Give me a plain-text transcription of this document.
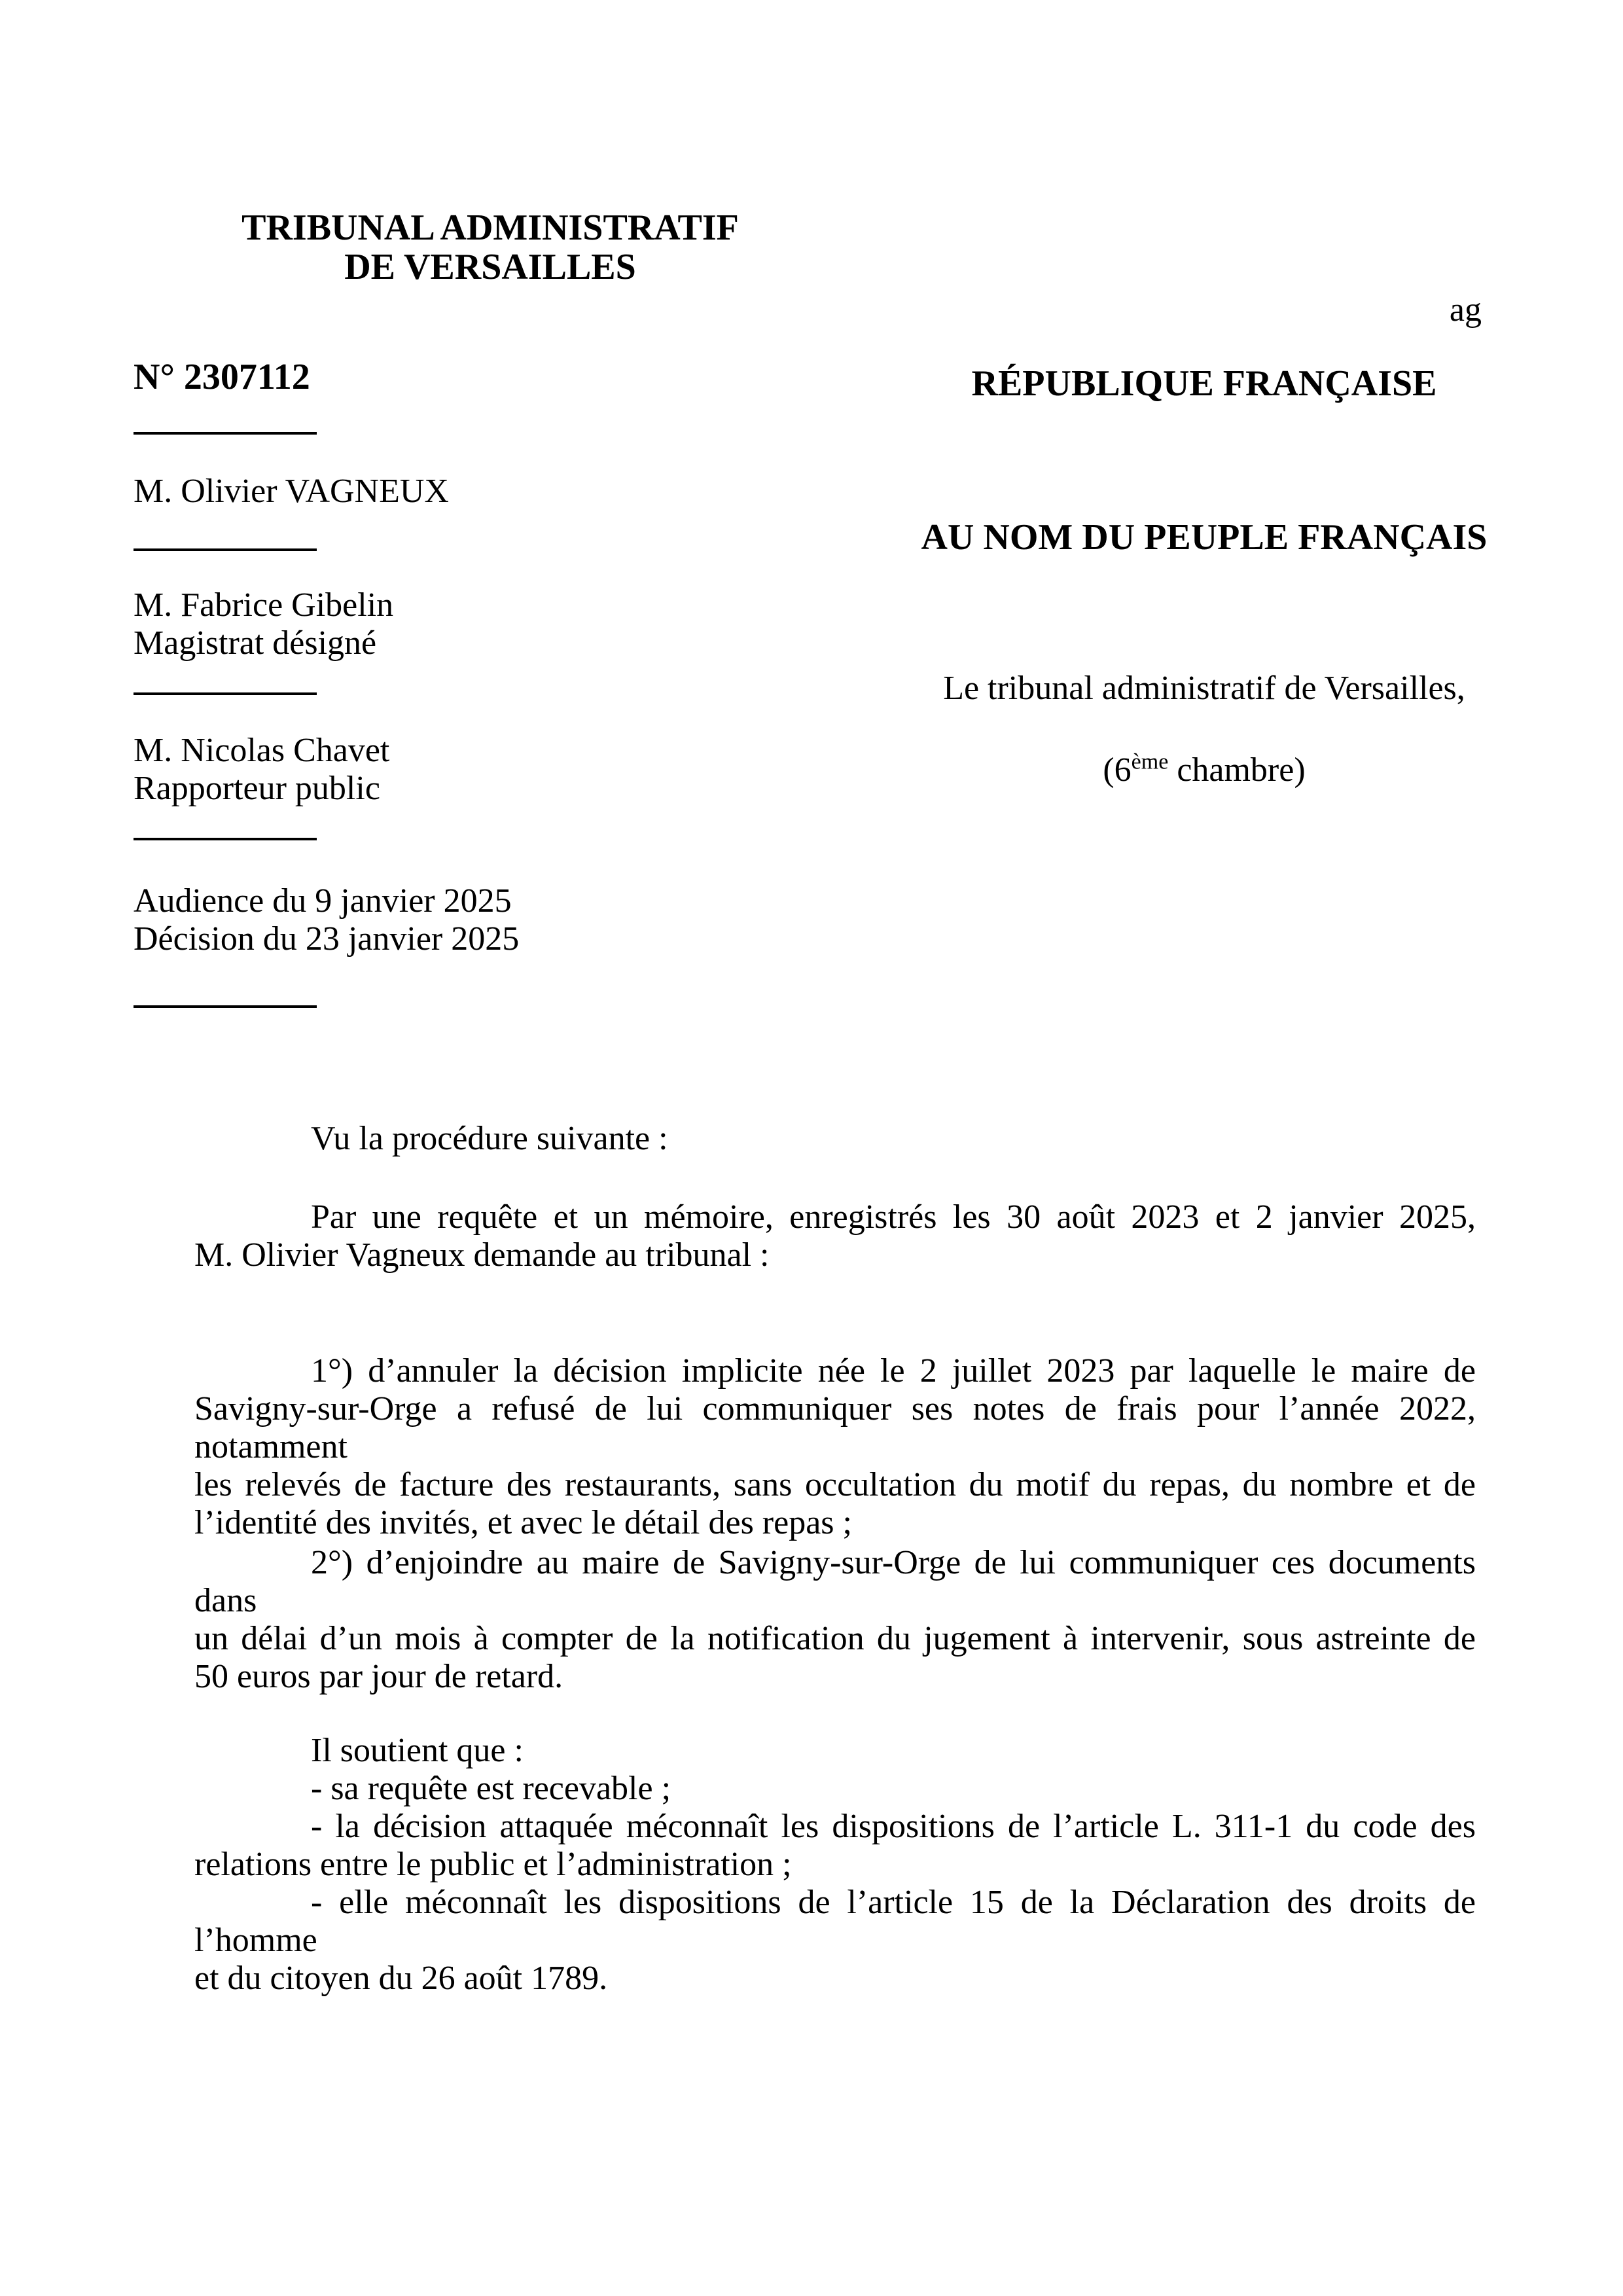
TRIBUNAL ADMINISTRATIF
DE VERSAILLES
ag
N° 2307112
M. Olivier VAGNEUX
M. Fabrice Gibelin
Magistrat désigné
M. Nicolas Chavet
Rapporteur public
Audience du 9 janvier 2025
Décision du 23 janvier 2025
RÉPUBLIQUE FRANÇAISE
AU NOM DU PEUPLE FRANÇAIS
Le tribunal administratif de Versailles,
(6ème chambre)
Vu la procédure suivante :
Par une requête et un mémoire, enregistrés les 30 août 2023 et 2 janvier 2025,
M. Olivier Vagneux demande au tribunal :
1°) d’annuler la décision implicite née le 2 juillet 2023 par laquelle le maire de
Savigny-sur-Orge a refusé de lui communiquer ses notes de frais pour l’année 2022, notamment
les relevés de facture des restaurants, sans occultation du motif du repas, du nombre et de
l’identité des invités, et avec le détail des repas ;
2°) d’enjoindre au maire de Savigny-sur-Orge de lui communiquer ces documents dans
un délai d’un mois à compter de la notification du jugement à intervenir, sous astreinte de
50 euros par jour de retard.
Il soutient que :
- sa requête est recevable ;
- la décision attaquée méconnaît les dispositions de l’article L. 311-1 du code des
relations entre le public et l’administration ;
- elle méconnaît les dispositions de l’article 15 de la Déclaration des droits de l’homme
et du citoyen du 26 août 1789.
